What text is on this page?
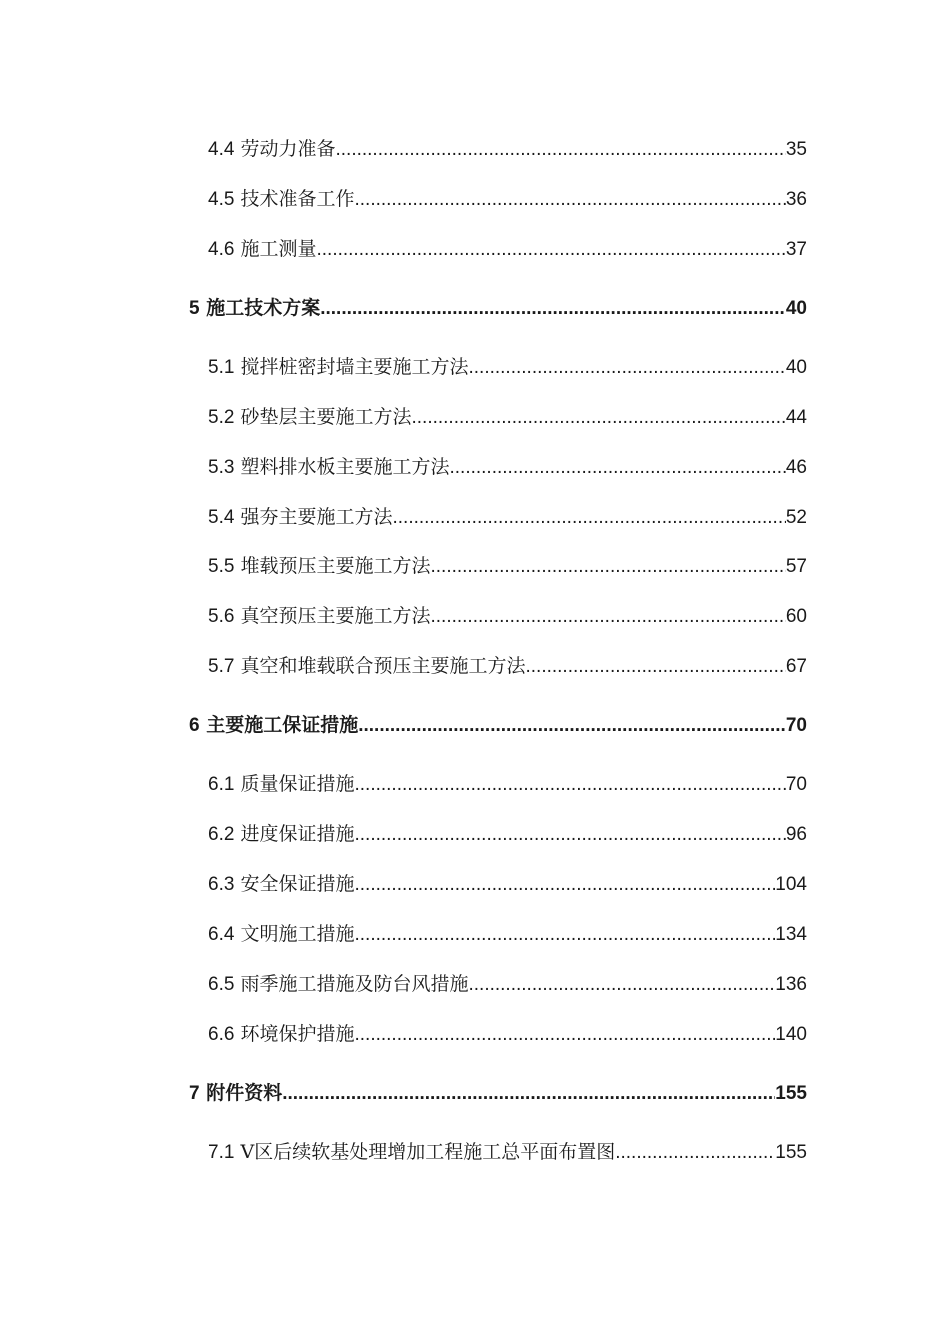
4.4 劳动力准备 .....	35
4.5 技术准备工作 .....	36
4.6 施工测量 .....	37
5 施工技术方案 .....	40
5.1 搅拌桩密封墙主要施工方法 .....	40
5.2 砂垫层主要施工方法 .....	44
5.3 塑料排水板主要施工方法 .....	46
5.4 强夯主要施工方法 .....	52
5.5 堆载预压主要施工方法 .....	57
5.6 真空预压主要施工方法 .....	60
5.7 真空和堆载联合预压主要施工方法 .....	67
6 主要施工保证措施 .....	70
6.1 质量保证措施 .....	70
6.2 进度保证措施 .....	96
6.3 安全保证措施 .....	104
6.4 文明施工措施 .....	134
6.5 雨季施工措施及防台风措施 .....	136
6.6 环境保护措施 .....	140
7 附件资料 .....	155
7.1 V区后续软基处理增加工程施工总平面布置图 .....	155
